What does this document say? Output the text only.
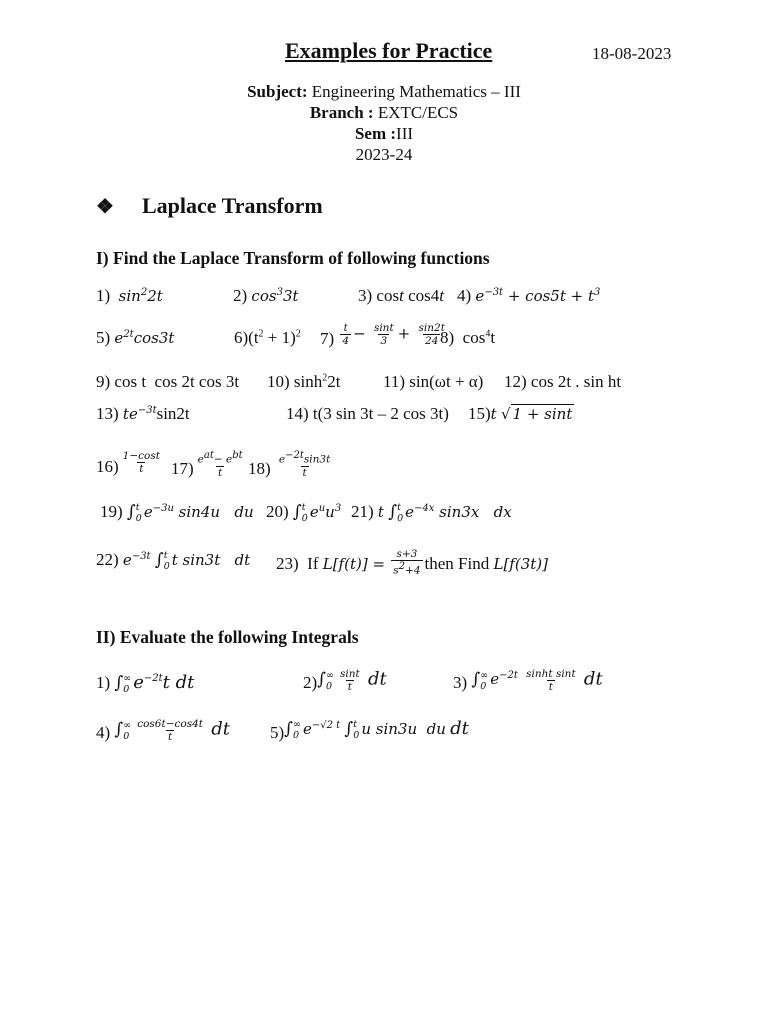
Examples for Practice	18-08-2023
Subject: Engineering Mathematics – III
Branch : EXTC/ECS
Sem :III
2023-24
❖ Laplace Transform
I) Find the Laplace Transform of following functions
1)  $\sin^22t$	2) $\cos^33t$	3) cost cos4t 4) $e^{-3t} + \cos 5t + t^3$
5) $e^{2t}\cos 3t$	$6)(t^2 + 1)^2$ $7) \frac{t}{4} - \frac{\sin t}{3} + \frac{\sin 2t}{24}$
8)  $\cos^4t$
9) cos t  cos 2t cos 3t 10) $\sinh^22t$	11) sin(ωt + α) 12) cos 2t . sin ht
13) $te^{-3t}\sin 2t$	14) t(3 sin 3t – 2 cos 3t) 15)t √ 1 + sint
$16) \frac{1-\cos t}{t} 17) \frac{e^{at}- e^{bt}}{t} 18) \frac{e^{-2t}\sin 3t}{t}$
19) ∫ t
0 $e^{-3u}$ sin4u   du 20) ∫ t
0 $e^uu^3$ 21) t ∫ t
0 $e^{-4x}$ sin3x   dx
22) $e^{-3t}$ ∫ t
0 t sin3t   dt 23)  If $L[f(t)] = \frac{s+3}{s^2+4}$ then Find L[f(3t)]
II) Evaluate the following Integrals
1) ∫ ∞
0 $e^{-2t}t$ dt	2)∫ ∞
$0 \frac{\sin t}{t}$ dt	3) ∫ ∞
0 $e^{-2t} \frac{\text{sinht sint}}{t}$ dt
4) ∫ ∞
$0 \frac{\cos 6t-\cos 4t}{t}$ dt 5)∫ ∞
0 $e^{-√2 t}$ ∫ t
0 u sin3u  du dt
